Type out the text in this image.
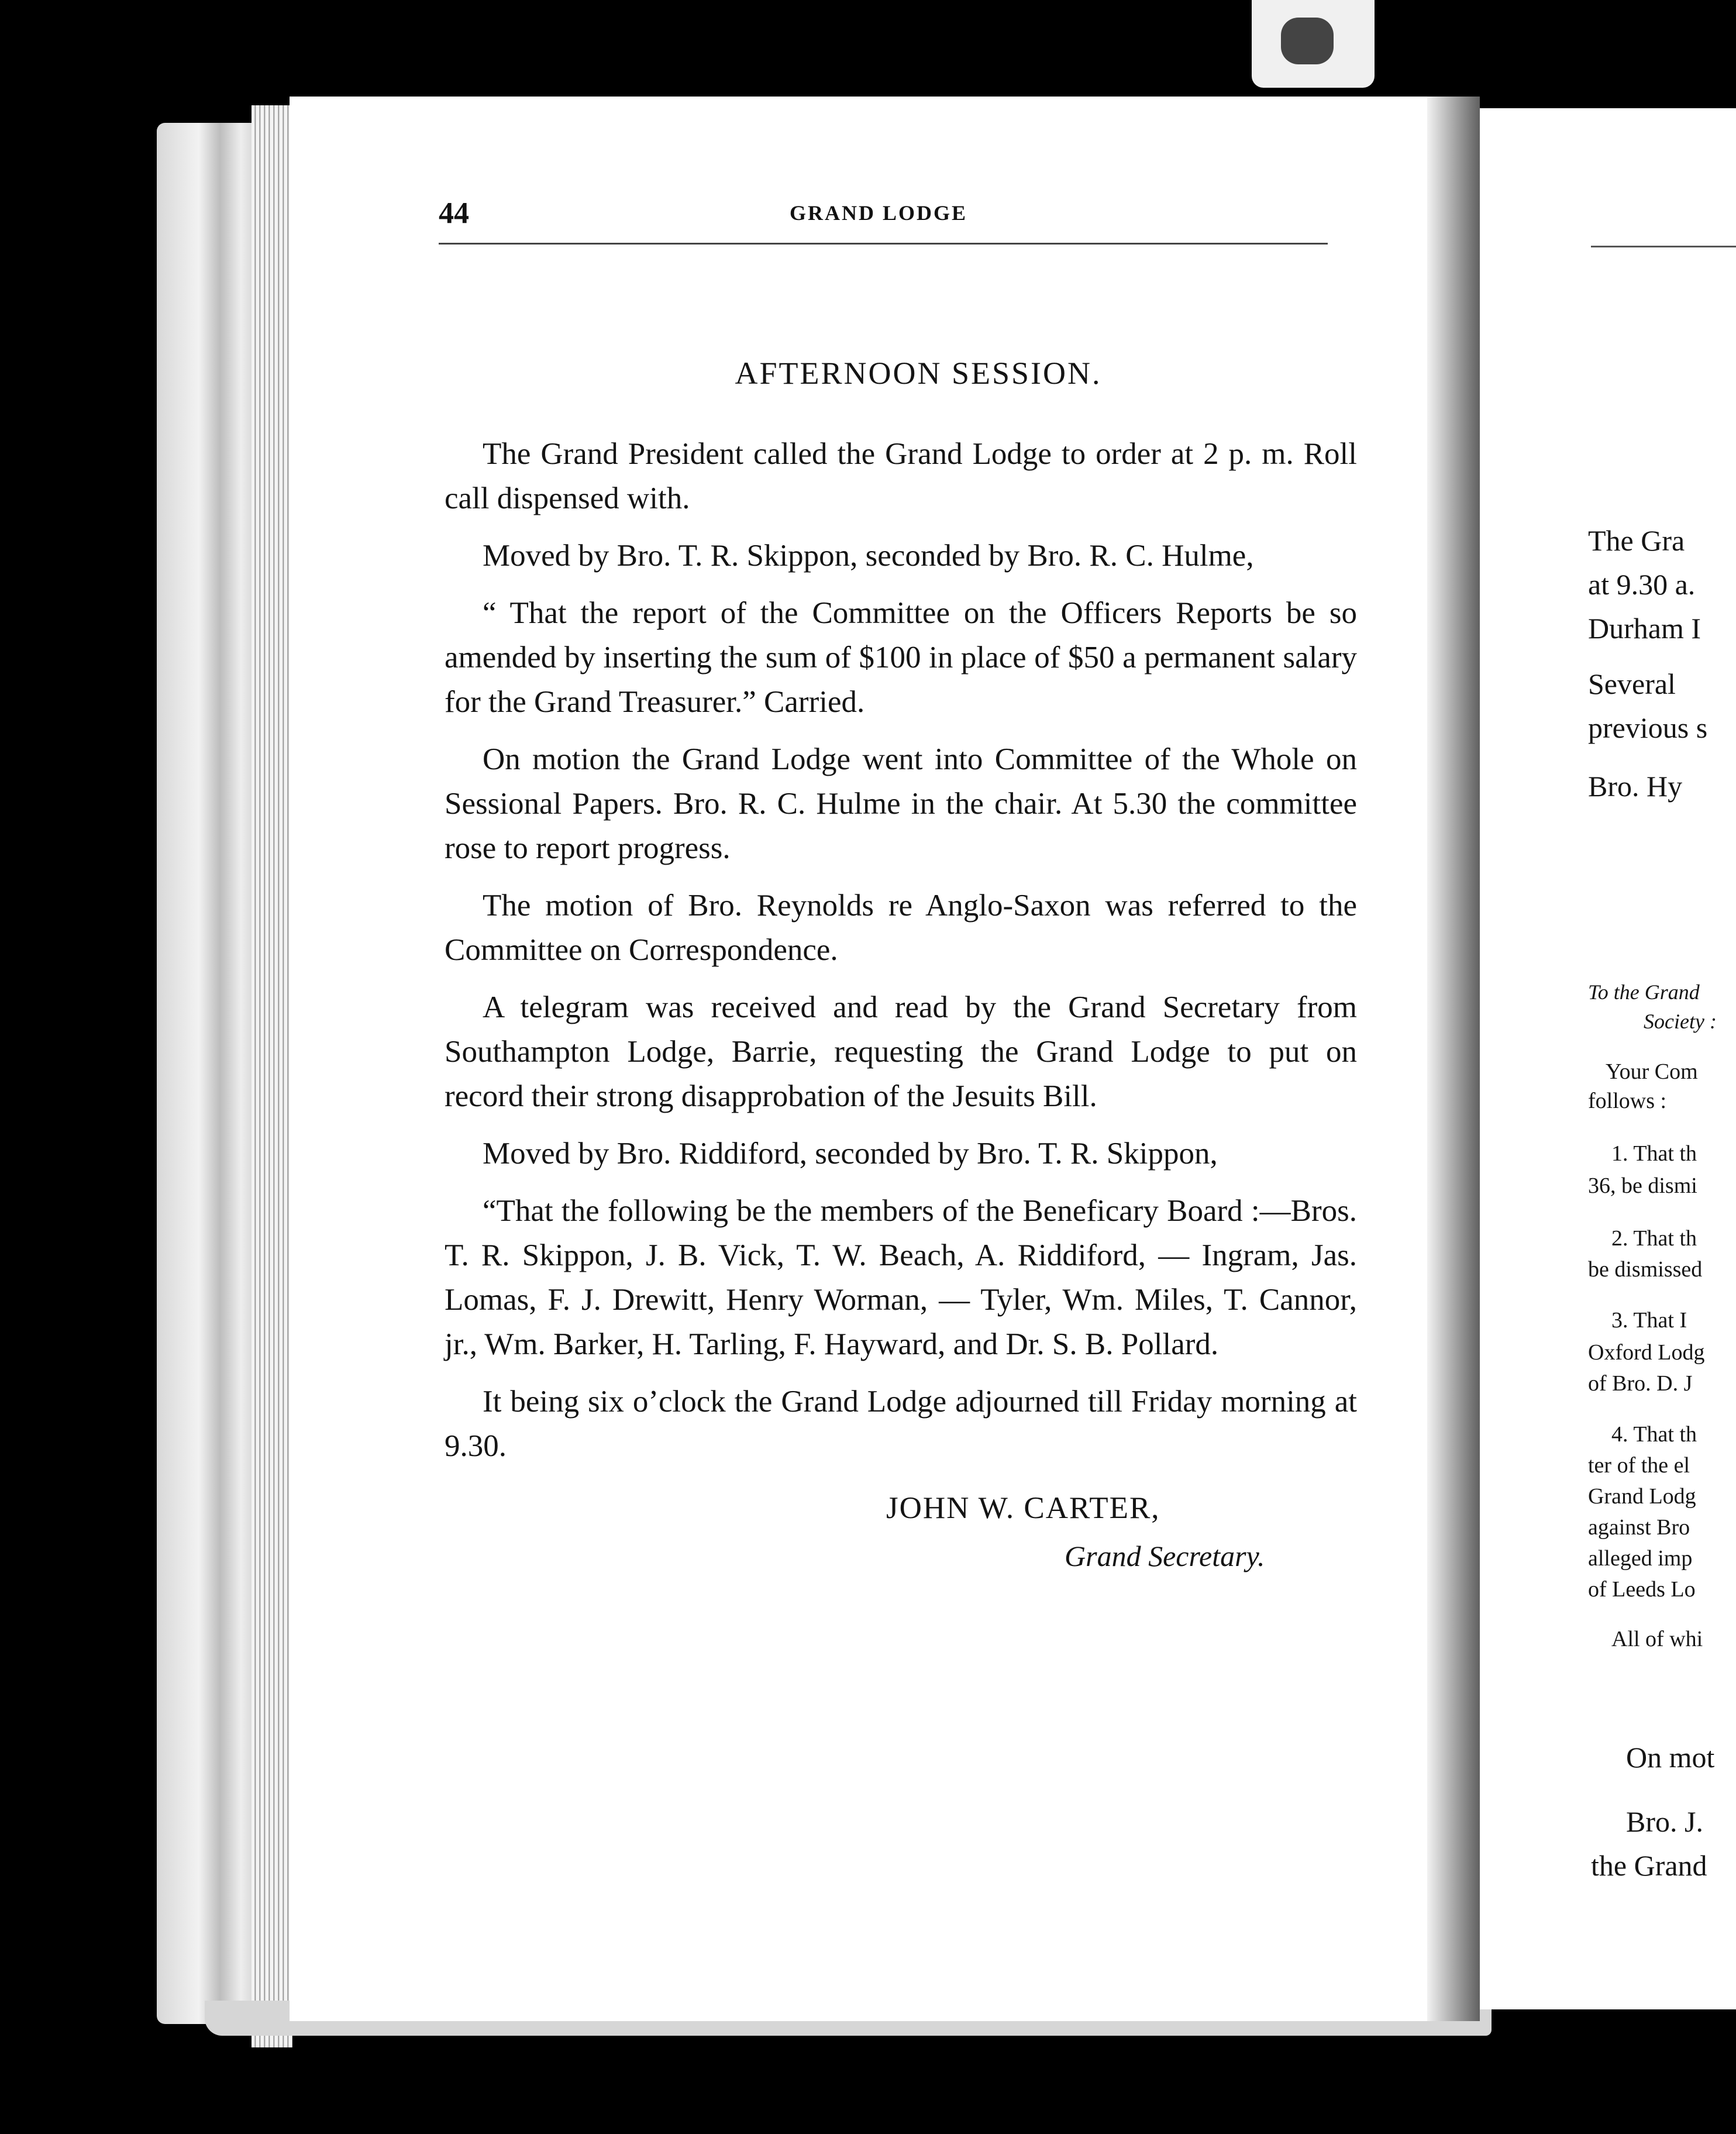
44	GRAND LODGE
AFTERNOON SESSION.

The Grand President called the Grand Lodge to order at 2 p. m. Roll call dispensed with.

Moved by Bro. T. R. Skippon, seconded by Bro. R. C. Hulme,

“ That the report of the Committee on the Officers Reports be so amended by inserting the sum of $100 in place of $50 a permanent salary for the Grand Treasurer.” Carried.

On motion the Grand Lodge went into Committee of the Whole on Sessional Papers. Bro. R. C. Hulme in the chair. At 5.30 the committee rose to report progress.

The motion of Bro. Reynolds re Anglo-Saxon was referred to the Committee on Correspondence.

A telegram was received and read by the Grand Secretary from Southampton Lodge, Barrie, requesting the Grand Lodge to put on record their strong disapprobation of the Jesuits Bill.

Moved by Bro. Riddiford, seconded by Bro. T. R. Skippon,

“That the following be the members of the Beneficary Board :—Bros. T. R. Skippon, J. B. Vick, T. W. Beach, A. Riddiford, — Ingram, Jas. Lomas, F. J. Drewitt, Henry Worman, — Tyler, Wm. Miles, T. Cannor, jr., Wm. Barker, H. Tarling, F. Hayward, and Dr. S. B. Pollard.

It being six o’clock the Grand Lodge adjourned till Friday morning at 9.30.

JOHN W. CARTER,
Grand Secretary.
The Gra
at 9.30 a.
Durham I
Several
previous s
Bro. Hy
To the Grand
Society :
Your Com
follows :
1. That th
36, be dismi
2. That th
be dismissed
3. That I
Oxford Lodg
of Bro. D. J
4. That th
ter of the el
Grand Lodg
against Bro
alleged imp
of Leeds Lo
All of whi
On mot
Bro. J.
the Grand
